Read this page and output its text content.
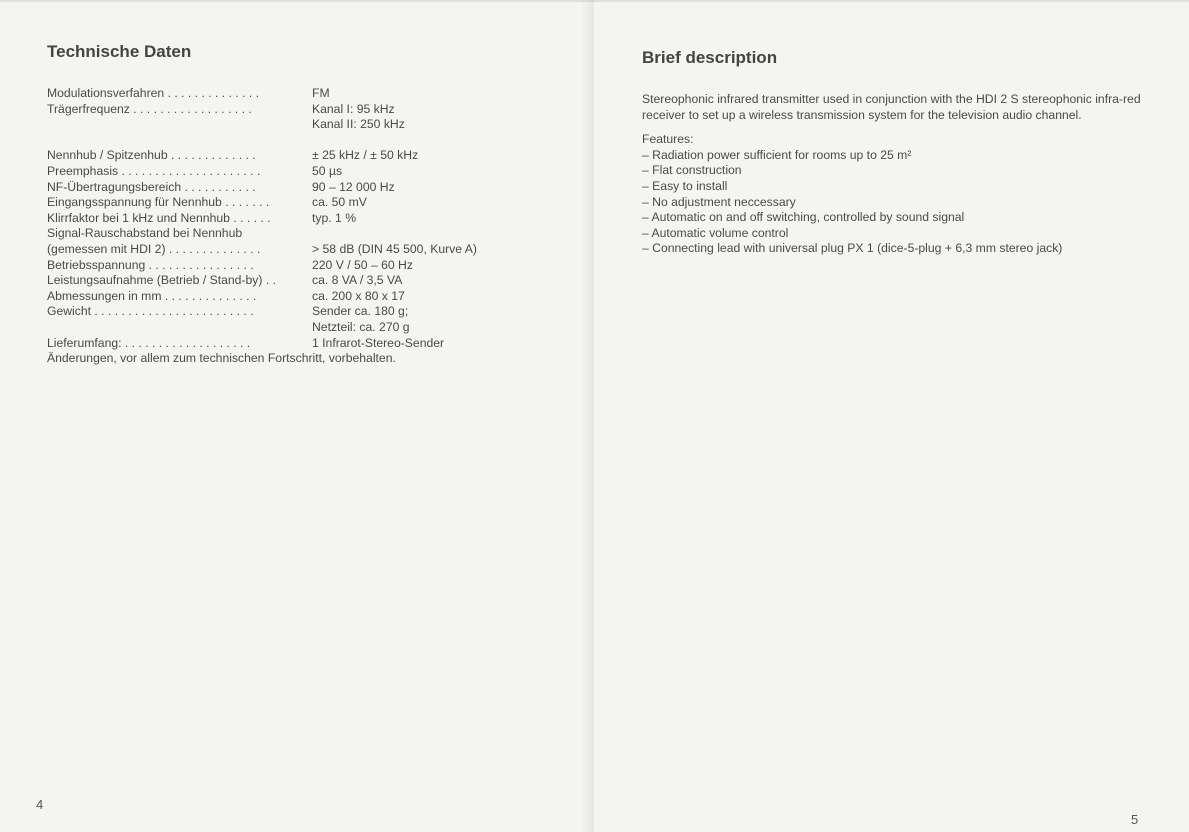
Technische Daten
Modulationsverfahren . . . . . . . . . . . . . .	FM
Trägerfrequenz . . . . . . . . . . . . . . . . . .	Kanal I: 95 kHz
Kanal II: 250 kHz
Nennhub / Spitzenhub . . . . . . . . . . . . .	± 25 kHz / ± 50 kHz
Preemphasis . . . . . . . . . . . . . . . . . . . . .	50 µs
NF-Übertragungsbereich . . . . . . . . . . .	90 – 12 000 Hz
Eingangsspannung für Nennhub . . . . . . .	ca. 50 mV
Klirrfaktor bei 1 kHz und Nennhub . . . . . .	typ. 1 %
Signal-Rauschabstand bei Nennhub
(gemessen mit HDI 2) . . . . . . . . . . . . . .	> 58 dB (DIN 45 500, Kurve A)
Betriebsspannung . . . . . . . . . . . . . . . .	220 V / 50 – 60 Hz
Leistungsaufnahme (Betrieb / Stand-by) . .	ca. 8 VA / 3,5 VA
Abmessungen in mm . . . . . . . . . . . . . .	ca. 200 x 80 x 17
Gewicht . . . . . . . . . . . . . . . . . . . . . . . .	Sender ca. 180 g;
Netzteil: ca. 270 g
Lieferumfang: . . . . . . . . . . . . . . . . . . .	1 Infrarot-Stereo-Sender
Änderungen, vor allem zum technischen Fortschritt, vorbehalten.
4
Brief description

Stereophonic infrared transmitter used in conjunction with the HDI 2 S stereophonic infra-red receiver to set up a wireless transmission system for the television audio channel.

Features:

– Radiation power sufficient for rooms up to 25 m²
– Flat construction
– Easy to install
– No adjustment neccessary
– Automatic on and off switching, controlled by sound signal
– Automatic volume control
– Connecting lead with universal plug PX 1 (dice-5-plug + 6,3 mm stereo jack)
5
